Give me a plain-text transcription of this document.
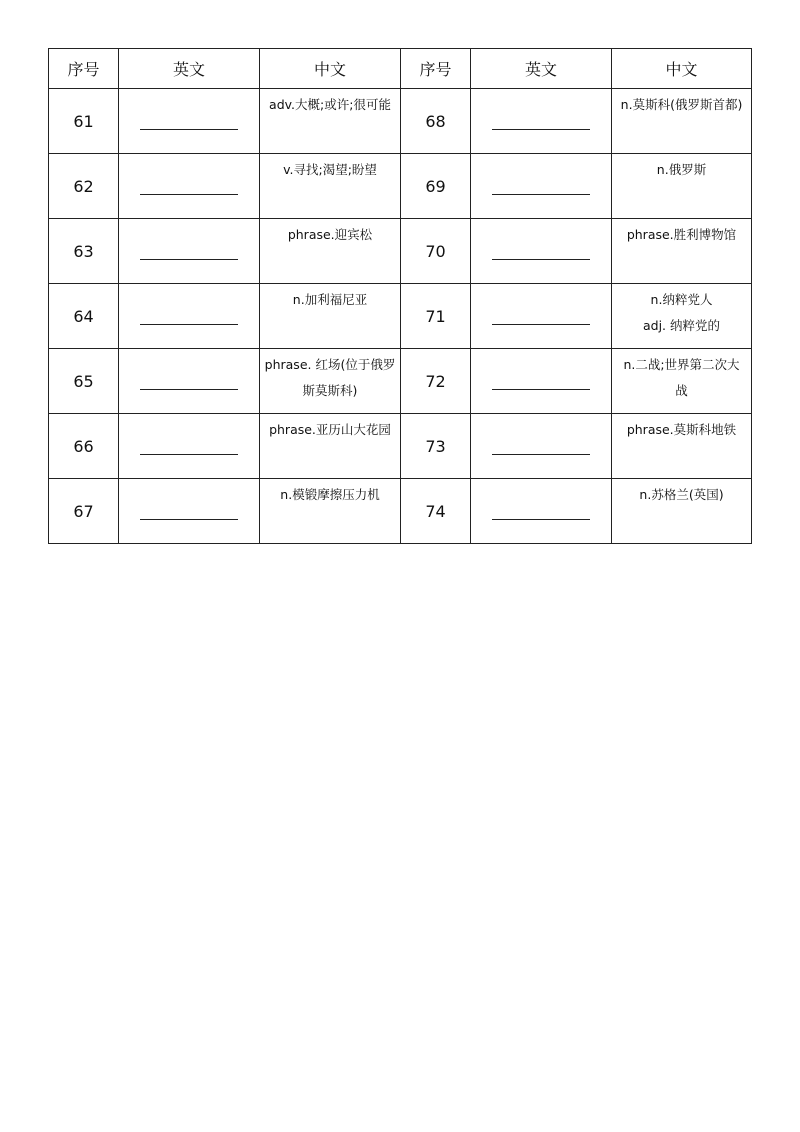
序号	英文	中文	序号	英文	中文
61		adv.大概;或许;很可能	68		n.莫斯科(俄罗斯首都)
62		v.寻找;渴望;盼望	69		n.俄罗斯
63		phrase.迎宾松	70		phrase.胜利博物馆
64		n.加利福尼亚	71		n.纳粹党人
adj. 纳粹党的
65		phrase. 红场(位于俄罗
斯莫斯科)	72		n.二战;世界第二次大
战
66		phrase.亚历山大花园	73		phrase.莫斯科地铁
67		n.模锻摩擦压力机	74		n.苏格兰(英国)
